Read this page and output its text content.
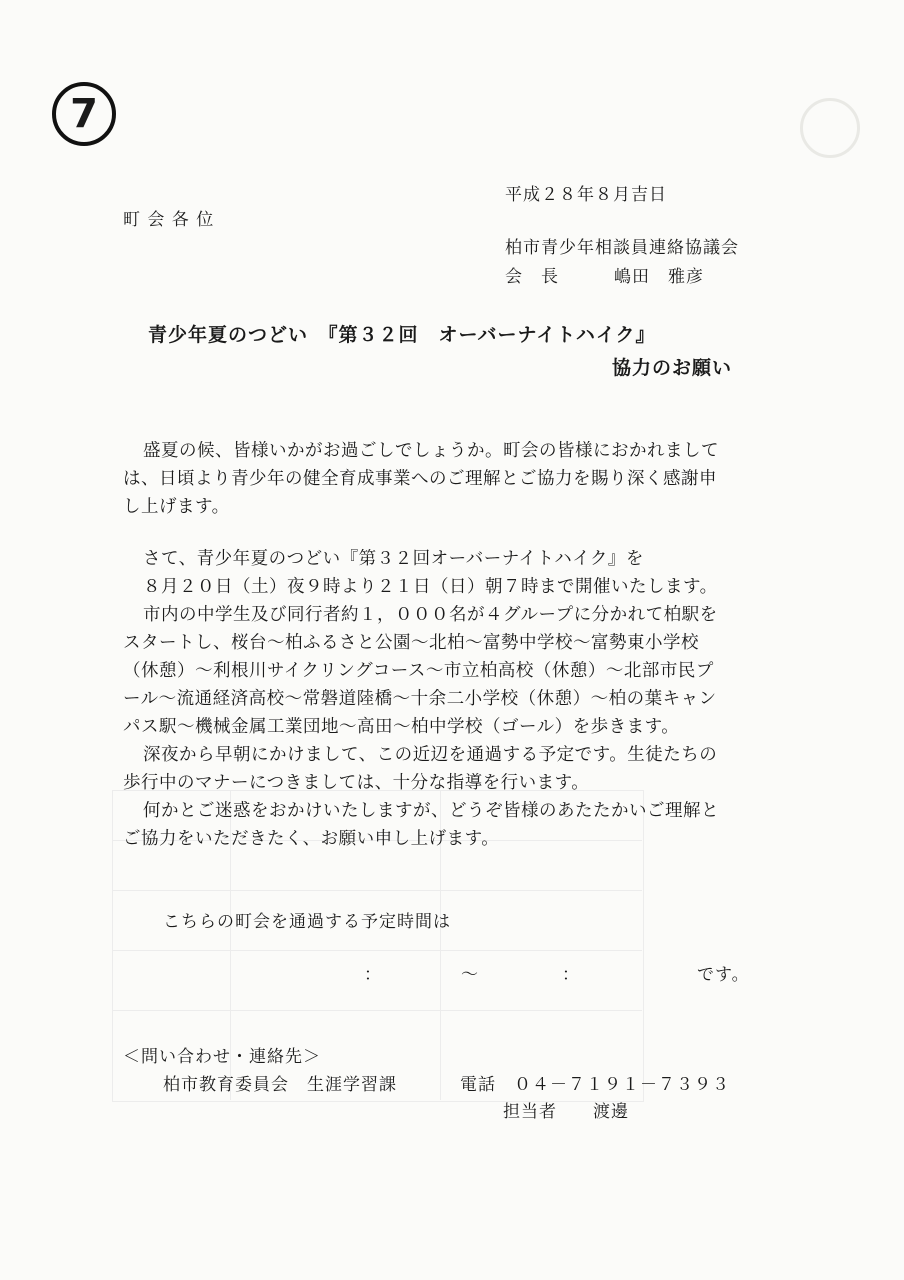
7
平成２８年８月吉日
町 会 各 位
柏市青少年相談員連絡協議会
会　長	嶋田　雅彦
青少年夏のつどい　『第３２回　オーバーナイトハイク』
協力のお願い
盛夏の候、皆様いかがお過ごしでしょうか。町会の皆様におかれまして
は、日頃より青少年の健全育成事業へのご理解とご協力を賜り深く感謝申
し上げます。
さて、青少年夏のつどい『第３２回オーバーナイトハイク』を
８月２０日（土）夜９時より２１日（日）朝７時まで開催いたします。
市内の中学生及び同行者約１，０００名が４グループに分かれて柏駅を
スタートし、桜台～柏ふるさと公園～北柏～富勢中学校～富勢東小学校
（休憩）～利根川サイクリングコース～市立柏高校（休憩）～北部市民プ
ール～流通経済高校～常磐道陸橋～十余二小学校（休憩）～柏の葉キャン
パス駅～機械金属工業団地～高田～柏中学校（ゴール）を歩きます。
深夜から早朝にかけまして、この近辺を通過する予定です。生徒たちの
歩行中のマナーにつきましては、十分な指導を行います。
何かとご迷惑をおかけいたしますが、どうぞ皆様のあたたかいご理解と
ご協力をいただきたく、お願い申し上げます。
こちらの町会を通過する予定時間は
：	～	：	です。
＜問い合わせ・連絡先＞
柏市教育委員会　生涯学習課	電話　０４－７１９１－７３９３
担当者　　渡邊
